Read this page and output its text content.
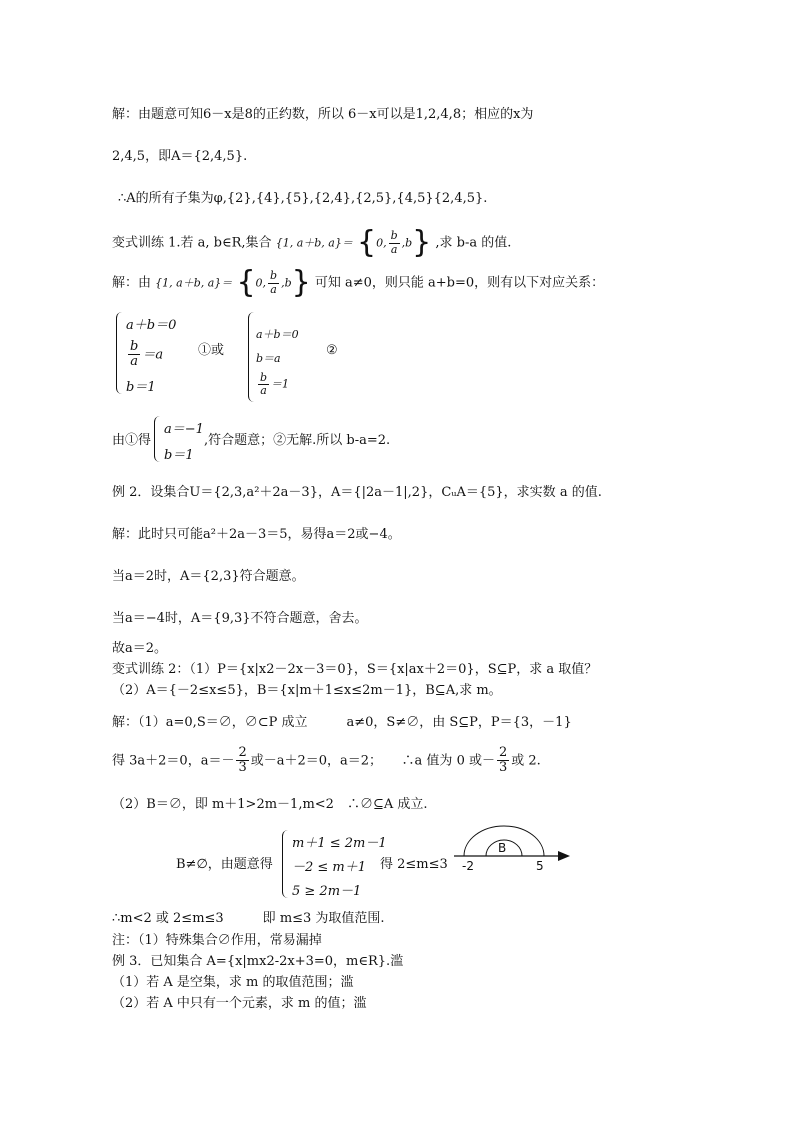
解：由题意可知6－x是8的正约数，所以 6－x可以是1,2,4,8；相应的x为
2,4,5，即A＝{2,4,5}.
∴A的所有子集为φ,{2},{4},{5},{2,4},{2,5},{4,5}{2,4,5}.
变式训练 1.若 a, b∈R,集合 {1, a＋b, a}＝ {0, $\frac{b}{a} ,b$} ,求 b-a 的值.
解：由 {1, a＋b, a}＝ {0, $\frac{b}{a} ,b$} 可知 a≠0，则只能 a+b=0，则有以下对应关系：
a＋b＝0
$\frac{b}{a} =a$
b＝1
①或
a＋b＝0
b＝a
$\frac{b}{a} =1$
②
由①得
a＝−1
b＝1
,符合题意；②无解.所以 b-a=2.
例 2．设集合U＝{2,3,a²＋2a－3}，A＝{|2a－1|,2}，CᵤA＝{5}，求实数 a 的值.
解：此时只可能a²＋2a－3＝5，易得a＝2或−4。
当a＝2时，A＝{2,3}符合题意。
当a＝−4时，A＝{9,3}不符合题意，舍去。
故a＝2。
变式训练 2：（1）P＝{x|x2－2x－3＝0}，S＝{x|ax＋2＝0}，S⊆P，求 a 取值？
（2）A＝{－2≤x≤5}，B＝{x|m＋1≤x≤2m－1}，B⊆A,求 m。
解：（1）a=0,S＝∅，∅⊂P 成立　　　a≠0，S≠∅，由 S⊆P，P＝{3，－1}
得 3a＋2＝0，$a=- \frac{2}{3}$ 或－a＋2＝0，a＝2；　　∴a 值为 0 或－ $\frac{2}{3}$ 或 2.
（2）B＝∅，即 m＋1>2m－1,m<2　∴∅⊆A 成立.
B≠∅，由题意得
m＋1 ≤ 2m－1
－2 ≤ m＋1
5 ≥ 2m－1
得 2≤m≤3 -2	5
B
∴m<2 或 2≤m≤3　　　即 m≤3 为取值范围.
注：（1）特殊集合∅作用，常易漏掉
例 3．已知集合 A={x|mx2-2x+3=0，m∈R}.滥
（1）若 A 是空集，求 m 的取值范围；滥
（2）若 A 中只有一个元素，求 m 的值；滥
